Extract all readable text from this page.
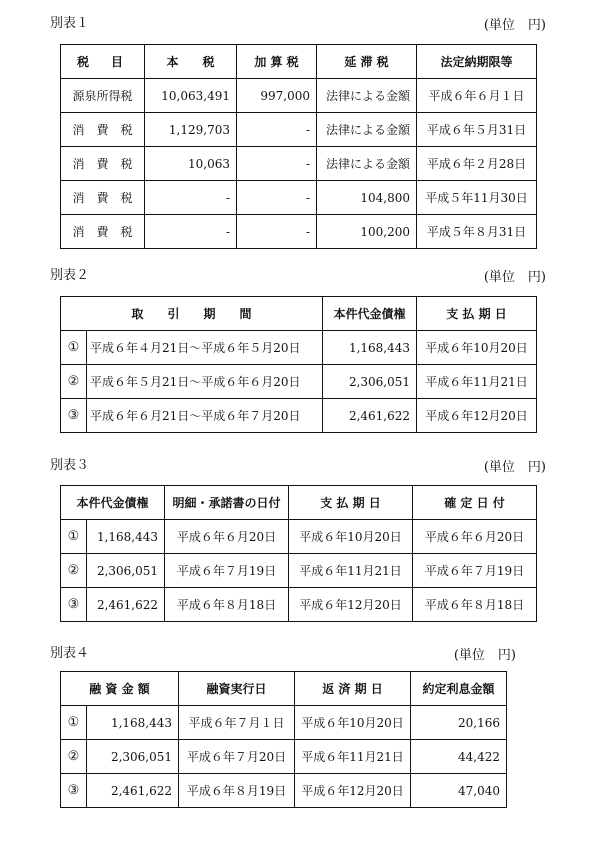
別表１	(単位　円)
税　目	本　　税	加 算 税	延 滞 税	法定納期限等
源泉所得税	10,063,491	997,000	法律による金額	平成６年６月１日
消　費　税	1,129,703	-	法律による金額	平成６年５月31日
消　費　税	10,063	-	法律による金額	平成６年２月28日
消　費　税	-	-	104,800	平成５年11月30日
消　費　税	-	-	100,200	平成５年８月31日
別表２	(単位　円)
取　　引　　期　　間		本件代金債権	支 払 期 日
①	平成６年４月21日～平成６年５月20日	1,168,443	平成６年10月20日
②	平成６年５月21日～平成６年６月20日	2,306,051	平成６年11月21日
③	平成６年６月21日～平成６年７月20日	2,461,622	平成６年12月20日
別表３	(単位　円)
本件代金債権		明細・承諾書の日付	支 払 期 日	確 定 日 付
①	1,168,443	平成６年６月20日	平成６年10月20日	平成６年６月20日
②	2,306,051	平成６年７月19日	平成６年11月21日	平成６年７月19日
③	2,461,622	平成６年８月18日	平成６年12月20日	平成６年８月18日
別表４	(単位　円)
融 資 金 額		融資実行日	返 済 期 日	約定利息金額
①	1,168,443	平成６年７月１日	平成６年10月20日	20,166
②	2,306,051	平成６年７月20日	平成６年11月21日	44,422
③	2,461,622	平成６年８月19日	平成６年12月20日	47,040
